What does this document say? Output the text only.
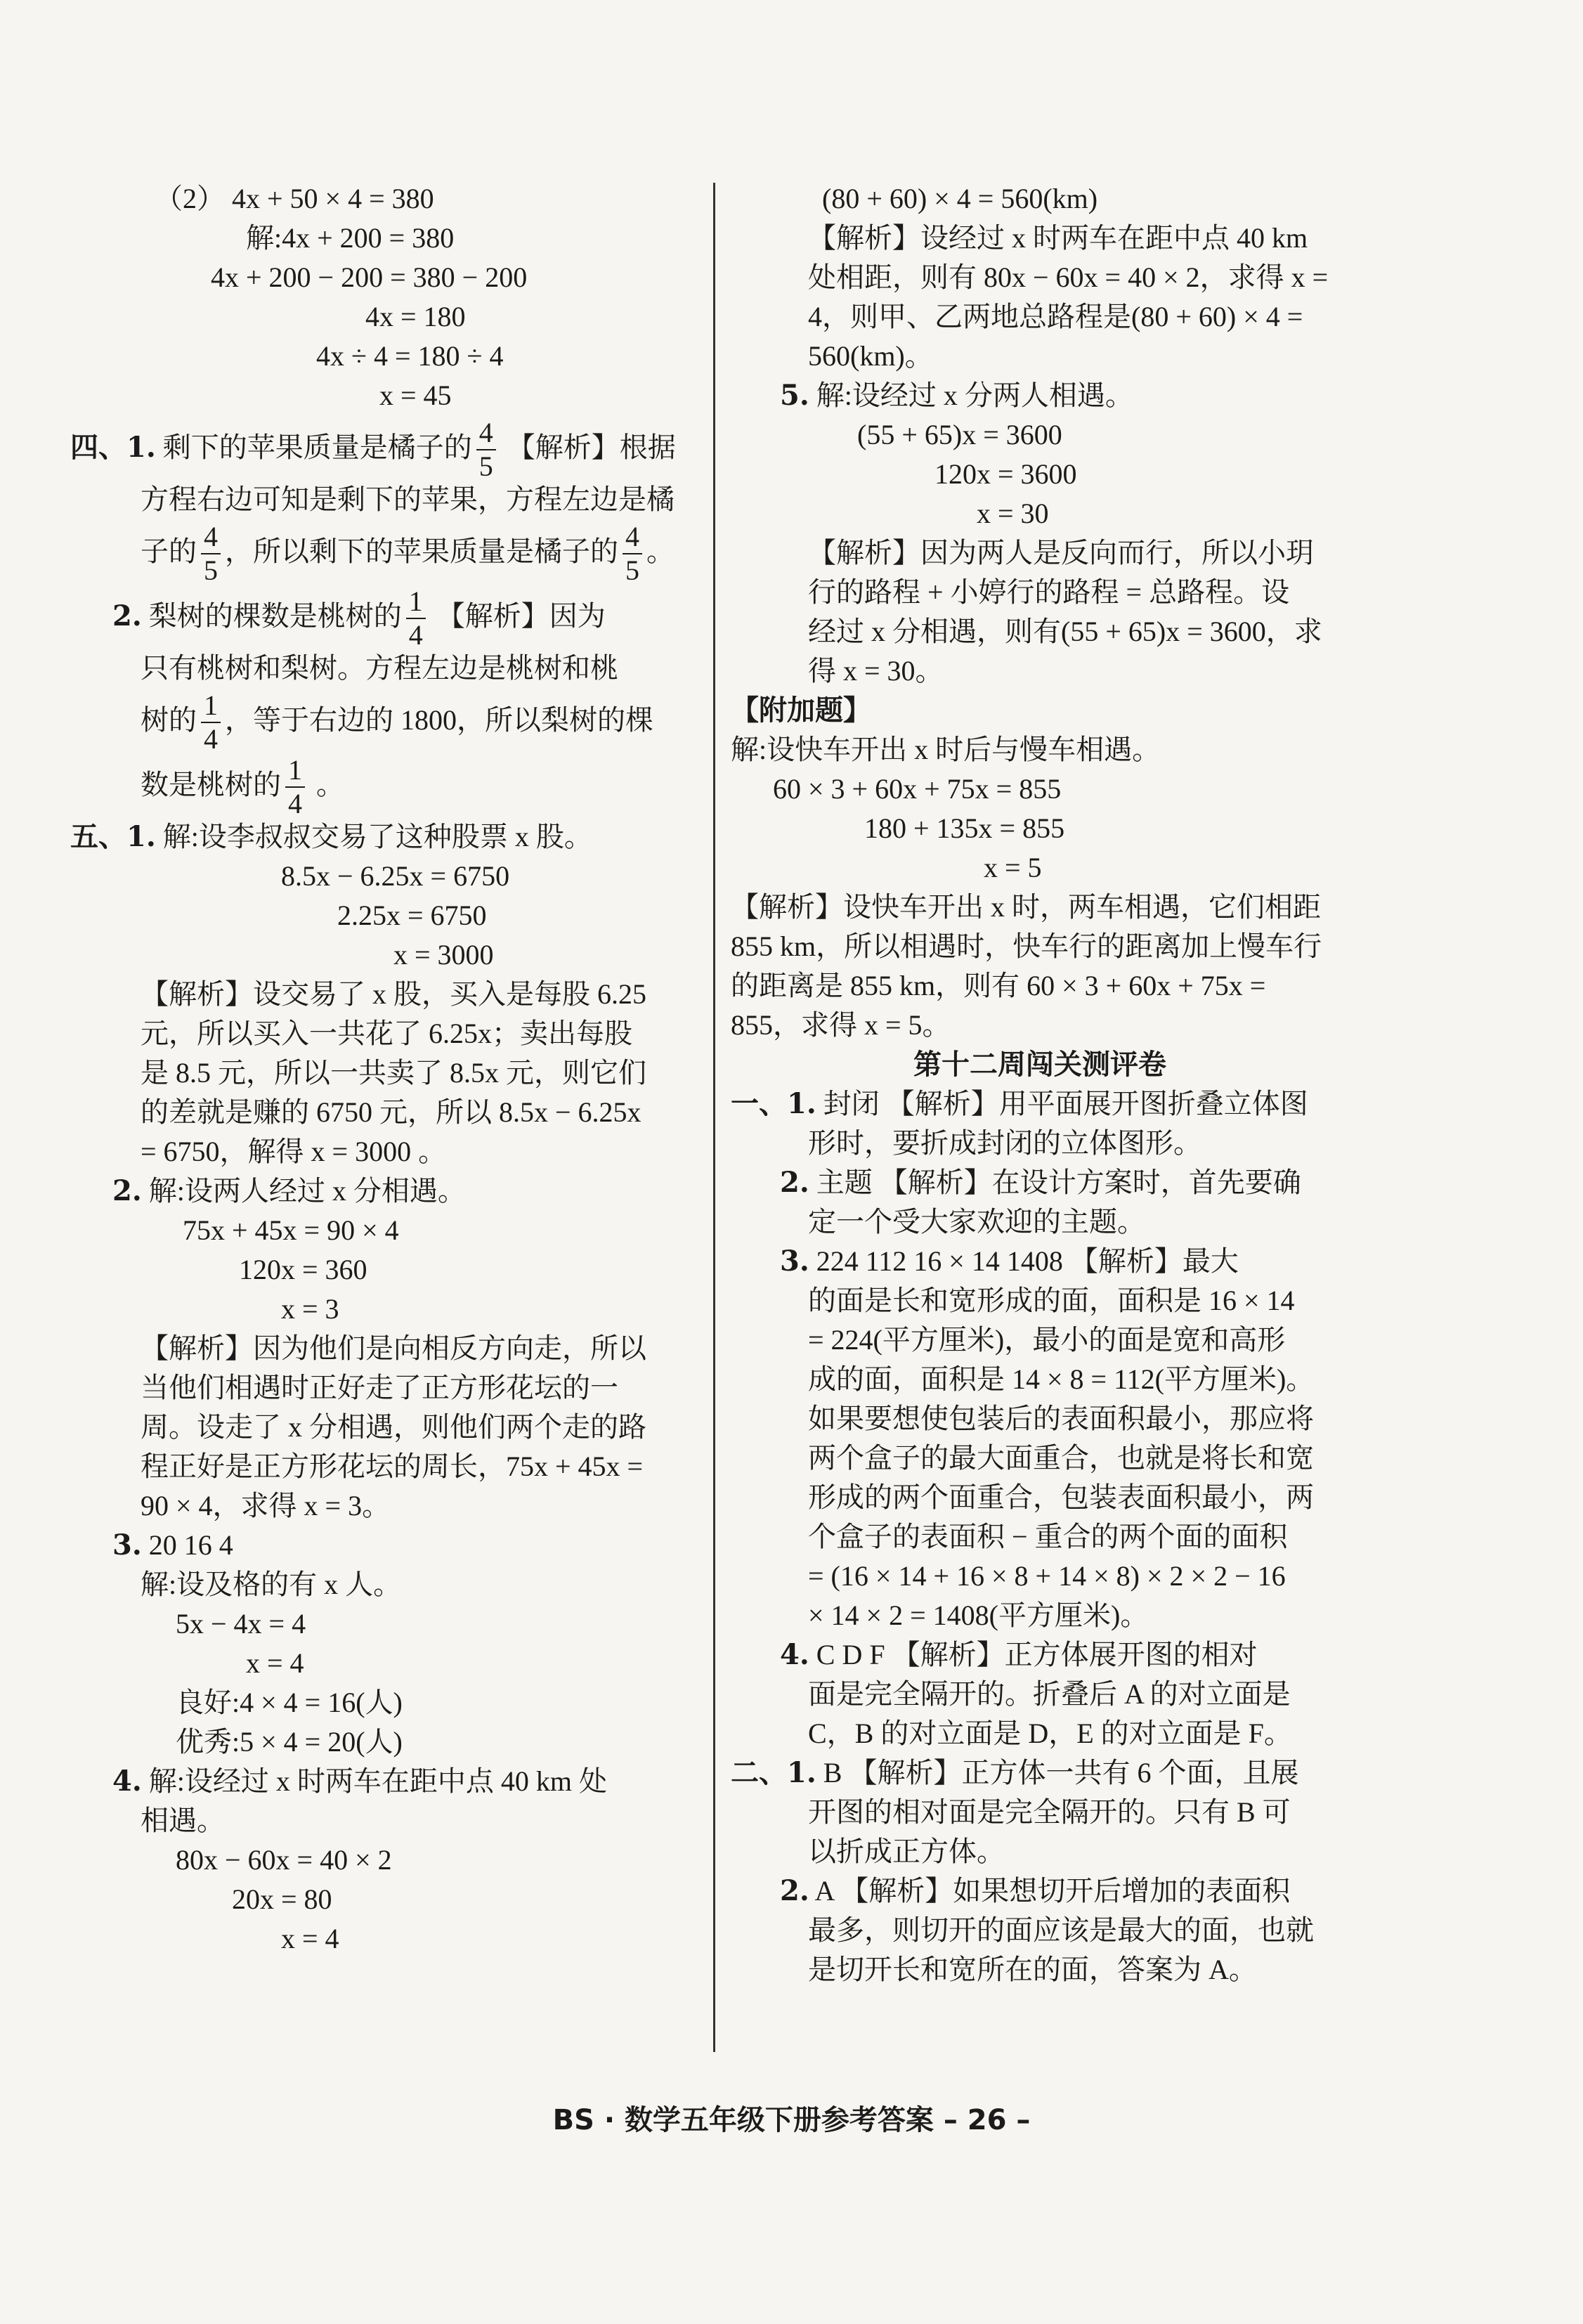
（2） 4x + 50 × 4 = 380
解:4x + 200 = 380
4x + 200 − 200 = 380 − 200
4x = 180
4x ÷ 4 = 180 ÷ 4
x = 45
四、1. 剩下的苹果质量是橘子的 $\frac{4}{5}$ 【解析】根据
方程右边可知是剩下的苹果，方程左边是橘
子的 $\frac{4}{5}$ ，所以剩下的苹果质量是橘子的 $\frac{4}{5}$ 。
2. 梨树的棵数是桃树的 $\frac{1}{4}$ 【解析】因为
只有桃树和梨树。方程左边是桃树和桃
树的 $\frac{1}{4}$ ，等于右边的 1800，所以梨树的棵
数是桃树的 $\frac{1}{4}$ 。
五、1. 解:设李叔叔交易了这种股票 x 股。
8.5x − 6.25x = 6750
2.25x = 6750
x = 3000
【解析】设交易了 x 股，买入是每股 6.25
元，所以买入一共花了 6.25x；卖出每股
是 8.5 元，所以一共卖了 8.5x 元，则它们
的差就是赚的 6750 元，所以 8.5x − 6.25x
= 6750，解得 x = 3000 。
2. 解:设两人经过 x 分相遇。
75x + 45x = 90 × 4
120x = 360
x = 3
【解析】因为他们是向相反方向走，所以
当他们相遇时正好走了正方形花坛的一
周。设走了 x 分相遇，则他们两个走的路
程正好是正方形花坛的周长，75x + 45x =
90 × 4，求得 x = 3。
3. 20 16 4
解:设及格的有 x 人。
5x − 4x = 4
x = 4
良好:4 × 4 = 16(人)
优秀:5 × 4 = 20(人)
4. 解:设经过 x 时两车在距中点 40 km 处
相遇。
80x − 60x = 40 × 2
20x = 80
x = 4
(80 + 60) × 4 = 560(km)
【解析】设经过 x 时两车在距中点 40 km
处相距，则有 80x − 60x = 40 × 2，求得 x =
4，则甲、乙两地总路程是(80 + 60) × 4 =
560(km)。
5. 解:设经过 x 分两人相遇。
(55 + 65)x = 3600
120x = 3600
x = 30
【解析】因为两人是反向而行，所以小玥
行的路程 + 小婷行的路程 = 总路程。设
经过 x 分相遇，则有(55 + 65)x = 3600，求
得 x = 30。
【附加题】
解:设快车开出 x 时后与慢车相遇。
60 × 3 + 60x + 75x = 855
180 + 135x = 855
x = 5
【解析】设快车开出 x 时，两车相遇，它们相距
855 km，所以相遇时，快车行的距离加上慢车行
的距离是 855 km，则有 60 × 3 + 60x + 75x =
855，求得 x = 5。
第十二周闯关测评卷
一、1. 封闭 【解析】用平面展开图折叠立体图
形时，要折成封闭的立体图形。
2. 主题 【解析】在设计方案时，首先要确
定一个受大家欢迎的主题。
3. 224 112 16 × 14 1408 【解析】最大
的面是长和宽形成的面，面积是 16 × 14
= 224(平方厘米)，最小的面是宽和高形
成的面，面积是 14 × 8 = 112(平方厘米)。
如果要想使包装后的表面积最小，那应将
两个盒子的最大面重合，也就是将长和宽
形成的两个面重合，包装表面积最小，两
个盒子的表面积 − 重合的两个面的面积
= (16 × 14 + 16 × 8 + 14 × 8) × 2 × 2 − 16
× 14 × 2 = 1408(平方厘米)。
4. C D F 【解析】正方体展开图的相对
面是完全隔开的。折叠后 A 的对立面是
C，B 的对立面是 D，E 的对立面是 F。
二、1. B 【解析】正方体一共有 6 个面，且展
开图的相对面是完全隔开的。只有 B 可
以折成正方体。
2. A 【解析】如果想切开后增加的表面积
最多，则切开的面应该是最大的面，也就
是切开长和宽所在的面，答案为 A。
BS · 数学五年级下册参考答案 – 26 –
